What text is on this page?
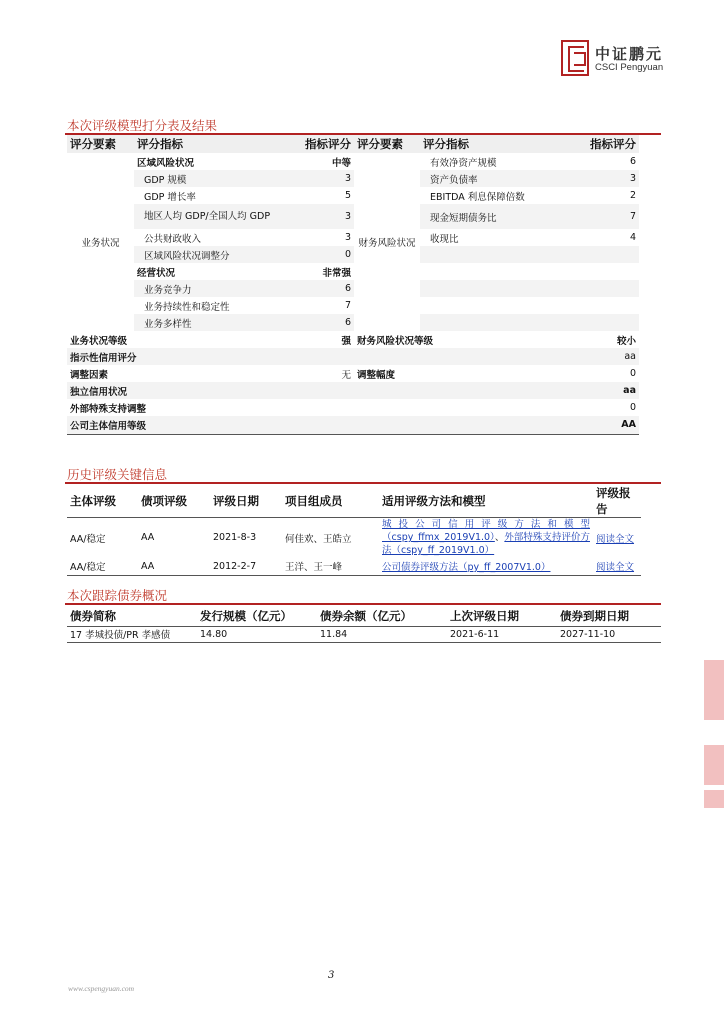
中证鹏元
CSCI Pengyuan
本次评级模型打分表及结果
评分要素	评分指标	指标评分	评分要素	评分指标	指标评分
业务状况	区域风险状况	中等	财务风险状况	有效净资产规模	6
	GDP 规模	3		资产负债率	3
	GDP 增长率	5		EBITDA 利息保障倍数	2
	地区人均 GDP/全国人均 GDP	3		现金短期债务比	7
	公共财政收入	3		收现比	4
	区域风险状况调整分	0			
	经营状况	非常强			
	业务竞争力	6			
	业务持续性和稳定性	7			
	业务多样性	6			
业务状况等级		强	财务风险状况等级		较小
指示性信用评分		aa			
调整因素		无	调整幅度		0
独立信用状况		aa			
外部特殊支持调整		0			
公司主体信用等级		AA			
历史评级关键信息
主体评级	债项评级	评级日期	项目组成员	适用评级方法和模型	评级报告
AA/稳定	AA	2021-8-3	何佳欢、王皓立	城投公司信用评级方法和模型（cspy_ffmx_2019V1.0）、外部特殊支持评价方法（cspy_ff_2019V1.0）	阅读全文
AA/稳定	AA	2012-2-7	王洋、王一峰	公司债券评级方法（py_ff_2007V1.0）	阅读全文
本次跟踪债券概况
债券简称	发行规模（亿元）	债券余额（亿元）	上次评级日期	债券到期日期
17 孝城投债/PR 孝感债	14.80	11.84	2021-6-11	2027-11-10
3
www.cspengyuan.com
